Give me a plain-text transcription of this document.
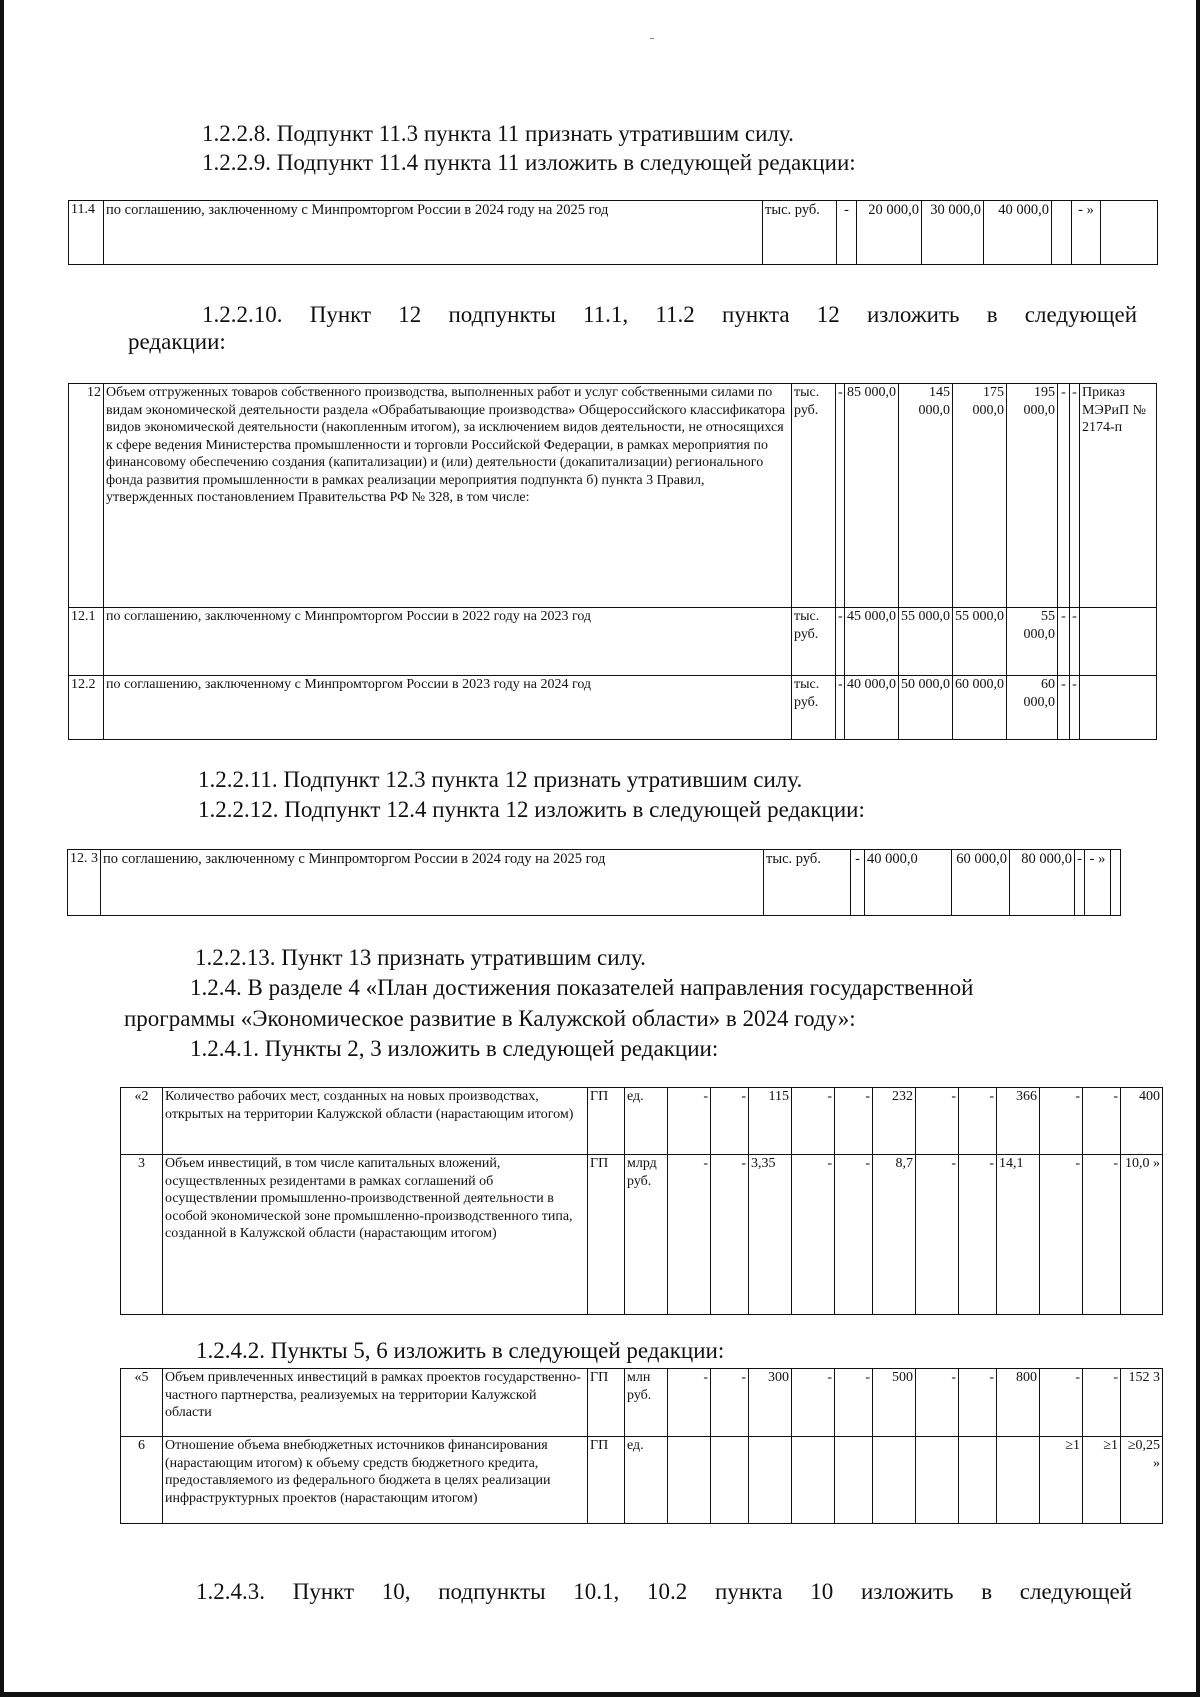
1.2.2.8. Подпункт 11.3 пункта 11 признать утратившим силу.

1.2.2.9. Подпункт 11.4 пункта 11 изложить в следующей редакции:

11.4	по соглашению, заключенному с Минпромторгом России в 2024 году на 2025 год	тыс. руб.	-	20 000,0	30 000,0	40 000,0		- »	

1.2.2.10. Пункт 12 подпункты 11.1, 11.2 пункта 12 изложить в следующей

редакции:

12	Объем отгруженных товаров собственного производства, выполненных работ и услуг собственными силами по видам экономической деятельности раздела «Обрабатывающие производства» Общероссийского классификатора видов экономической деятельности (накопленным итогом), за исключением видов деятельности, не относящихся к сфере ведения Министерства промышленности и торговли Российской Федерации, в рамках мероприятия по финансовому обеспечению создания (капитализации) и (или) деятельности (докапитализации) регионального фонда развития промышленности в рамках реализации мероприятия подпункта б) пункта 3 Правил, утвержденных постановлением Правительства РФ № 328, в том числе:	тыс. руб.	-	85 000,0	145 000,0	175 000,0	195 000,0	-	-	Приказ МЭРиП № 2174-п
12.1	по соглашению, заключенному с Минпромторгом России в 2022 году на 2023 год	тыс. руб.	-	45 000,0	55 000,0	55 000,0	55 000,0	-	-	
12.2	по соглашению, заключенному с Минпромторгом России в 2023 году на 2024 год	тыс. руб.	-	40 000,0	50 000,0	60 000,0	60 000,0	-	-	

1.2.2.11. Подпункт 12.3 пункта 12 признать утратившим силу.

1.2.2.12. Подпункт 12.4 пункта 12 изложить в следующей редакции:

12. 3	по соглашению, заключенному с Минпромторгом России в 2024 году на 2025 год	тыс. руб.	-	40 000,0	60 000,0	80 000,0	-	- »	

1.2.2.13. Пункт 13 признать утратившим силу.

1.2.4. В разделе 4 «План достижения показателей направления государственной

программы «Экономическое развитие в Калужской области» в 2024 году»:

1.2.4.1. Пункты 2, 3 изложить в следующей редакции:

«2	Количество рабочих мест, созданных на новых производствах, открытых на территории Калужской области (нарастающим итогом)	ГП	ед.	-	-	115	-	-	232	-	-	366	-	-	400
3	Объем инвестиций, в том числе капитальных вложений, осуществленных резидентами в рамках соглашений об осуществлении промышленно-производственной деятельности в особой экономической зоне промышленно-производственного типа, созданной в Калужской области (нарастающим итогом)	ГП	млрд руб.	-	-	3,35	-	-	8,7	-	-	14,1	-	-	10,0 »

1.2.4.2. Пункты 5, 6 изложить в следующей редакции:

«5	Объем привлеченных инвестиций в рамках проектов государственно-частного партнерства, реализуемых на территории Калужской области	ГП	млн руб.	-	-	300	-	-	500	-	-	800	-	-	152 3
6	Отношение объема внебюджетных источников финансирования (нарастающим итогом) к объему средств бюджетного кредита, предоставляемого из федерального бюджета в целях реализации инфраструктурных проектов (нарастающим итогом)	ГП	ед.										≥1	≥1	≥0,25 »

1.2.4.3. Пункт 10, подпункты 10.1, 10.2 пункта 10 изложить в следующей
